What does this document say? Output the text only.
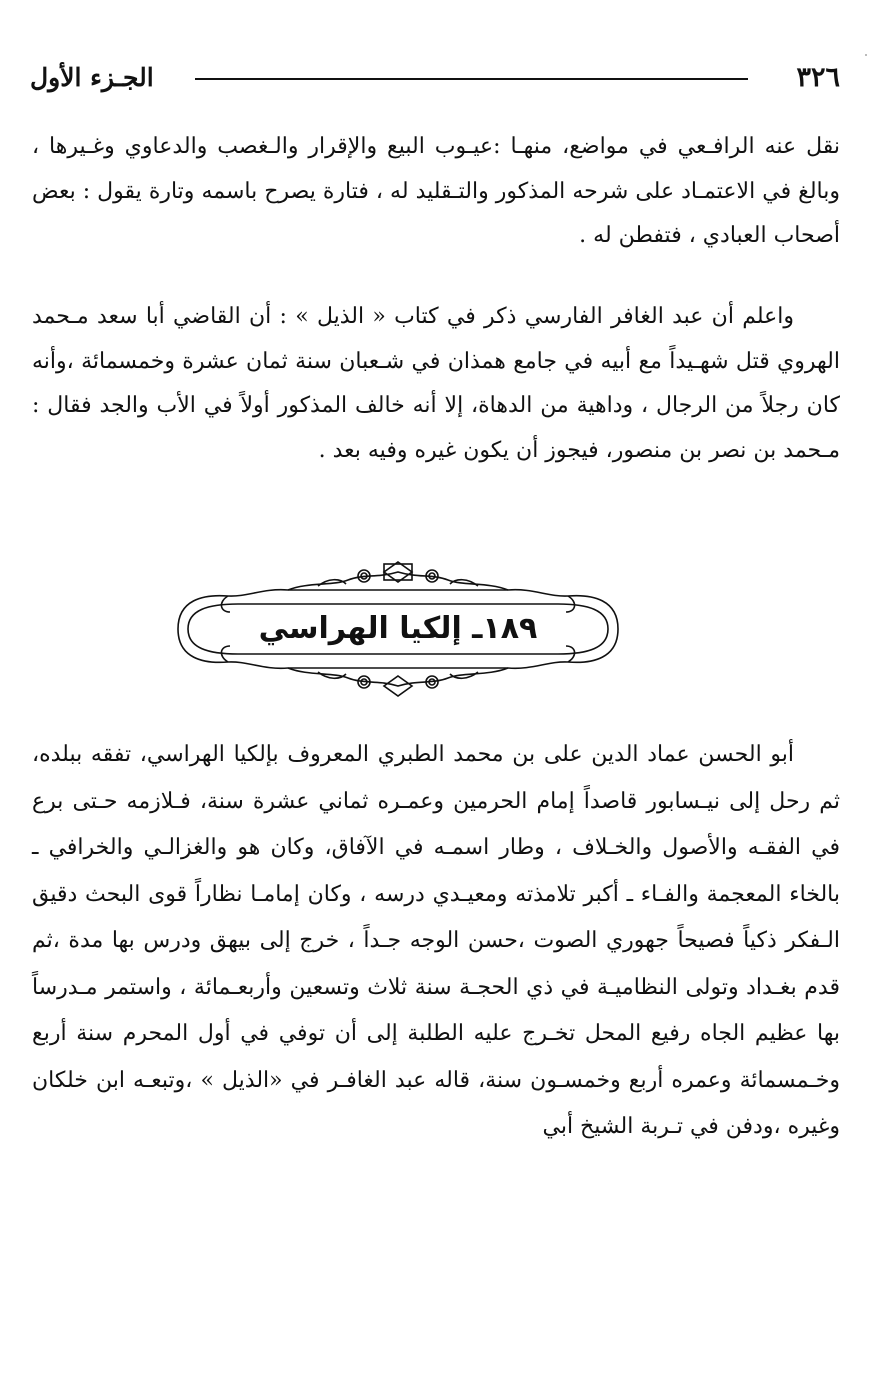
٣٢٦
الجـزء الأول

نقل عنه الرافـعي في مواضع، منهـا :عيـوب البيع والإقرار والـغصب والدعاوي وغـيرها ، وبالغ في الاعتمـاد على شرحه المذكور والتـقليد له ، فتارة يصرح باسمه وتارة يقول : بعض أصحاب العبادي ، فتفطن له .

واعلم أن عبد الغافر الفارسي ذكر في كتاب « الذيل » : أن القاضي أبا سعد مـحمد الهروي قتل شهـيداً مع أبيه في جامع همذان في شـعبان سنة ثمان عشرة وخمسمائة ،وأنه كان رجلاً من الرجال ، وداهية من الدهاة، إلا أنه خالف المذكور أولاً في الأب والجد فقال : مـحمد بن نصر بن منصور، فيجوز أن يكون غيره وفيه بعد .

١٨٩ـ إلكيا الهراسي

أبو الحسن عماد الدين على بن محمد الطبري المعروف بإلكيا الهراسي، تفقه ببلده، ثم رحل إلى نيـسابور قاصداً إمام الحرمين وعمـره ثماني عشرة سنة، فـلازمه حـتى برع في الفقـه والأصول والخـلاف ، وطار اسمـه في الآفاق، وكان هو والغزالـي والخرافي ـ بالخاء المعجمة والفـاء ـ أكبر تلامذته ومعيـدي درسه ، وكان إمامـا نظاراً قوى البحث دقيق الـفكر ذكياً فصيحاً جهوري الصوت ،حسن الوجه جـداً ، خرج إلى بيهق ودرس بها مدة ،ثم قدم بغـداد وتولى النظاميـة في ذي الحجـة سنة ثلاث وتسعين وأربعـمائة ، واستمر مـدرساً بها عظيم الجاه رفيع المحل تخـرج عليه الطلبة إلى أن توفي في أول المحرم سنة أربع وخـمسمائة وعمره أربع وخمسـون سنة، قاله عبد الغافـر في «الذيل » ،وتبعـه ابن خلكان وغيره ،ودفن في تـربة الشيخ أبي
